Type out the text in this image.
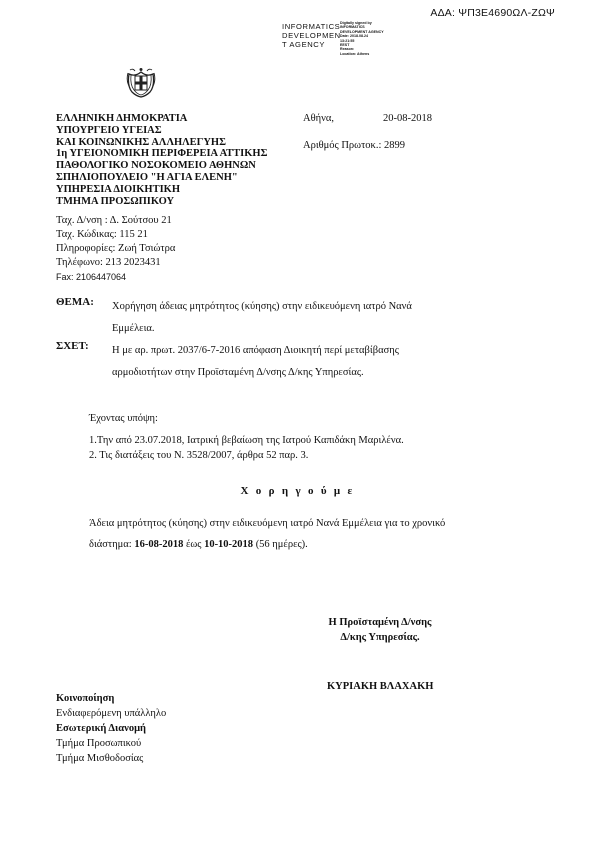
ΑΔΑ: ΨΠ3Ε4690ΩΛ-ΖΩΨ
INFORMATICS
DEVELOPMEN
T AGENCY
Digitally signed by
INFORMATICS
DEVELOPMENT AGENCY
Date: 2018.08.24
13:21:55
EEST
Reason:
Location: Athens
ΕΛΛΗΝΙΚΗ ΔΗΜΟΚΡΑΤΙΑ
ΥΠΟΥΡΓΕΙΟ ΥΓΕΙΑΣ
ΚΑΙ ΚΟΙΝΩΝΙΚΗΣ ΑΛΛΗΛΕΓΥΗΣ
1η ΥΓΕΙΟΝΟΜΙΚΗ ΠΕΡΙΦΕΡΕΙΑ ΑΤΤΙΚΗΣ
ΠΑΘΟΛΟΓΙΚΟ ΝΟΣΟΚΟΜΕΙΟ ΑΘΗΝΩΝ
ΣΠΗΛΙΟΠΟΥΛΕΙΟ "Η ΑΓΙΑ ΕΛΕΝΗ"
ΥΠΗΡΕΣΙΑ ΔΙΟΙΚΗΤΙΚΗ
ΤΜΗΜΑ ΠΡΟΣΩΠΙΚΟΥ
Ταχ. Δ/νση : Δ. Σούτσου 21
Ταχ. Κώδικας: 115 21
Πληροφορίες: Ζωή Τσιώτρα
Τηλέφωνο: 213 2023431
Fax: 2106447064
Αθήνα,	20-08-2018
Αριθμός Πρωτοκ.: 2899
ΘΕΜΑ: Χορήγηση άδειας μητρότητος (κύησης) στην ειδικευόμενη ιατρό Νανά
Εμμέλεια.
ΣΧΕΤ: Η με αρ. πρωτ. 2037/6-7-2016 απόφαση Διοικητή περί μεταβίβασης
αρμοδιοτήτων στην Προϊσταμένη Δ/νσης Δ/κης Υπηρεσίας.
Έχοντας υπόψη:
1.Την από 23.07.2018, Ιατρική βεβαίωση της Ιατρού Καπιδάκη Μαριλένα.
2. Τις διατάξεις του Ν. 3528/2007, άρθρα 52 παρ. 3.
Χ ο ρ η γ ο ύ μ ε
Άδεια μητρότητος (κύησης) στην ειδικευόμενη ιατρό Νανά Εμμέλεια για το χρονικό
διάστημα: 16-08-2018 έως 10-10-2018 (56 ημέρες).
Η Προϊσταμένη Δ/νσης
Δ/κης Υπηρεσίας.
ΚΥΡΙΑΚΗ ΒΛΑΧΑΚΗ
Κοινοποίηση
Ενδιαφερόμενη υπάλληλο
Εσωτερική Διανομή
Τμήμα Προσωπικού
Τμήμα Μισθοδοσίας
